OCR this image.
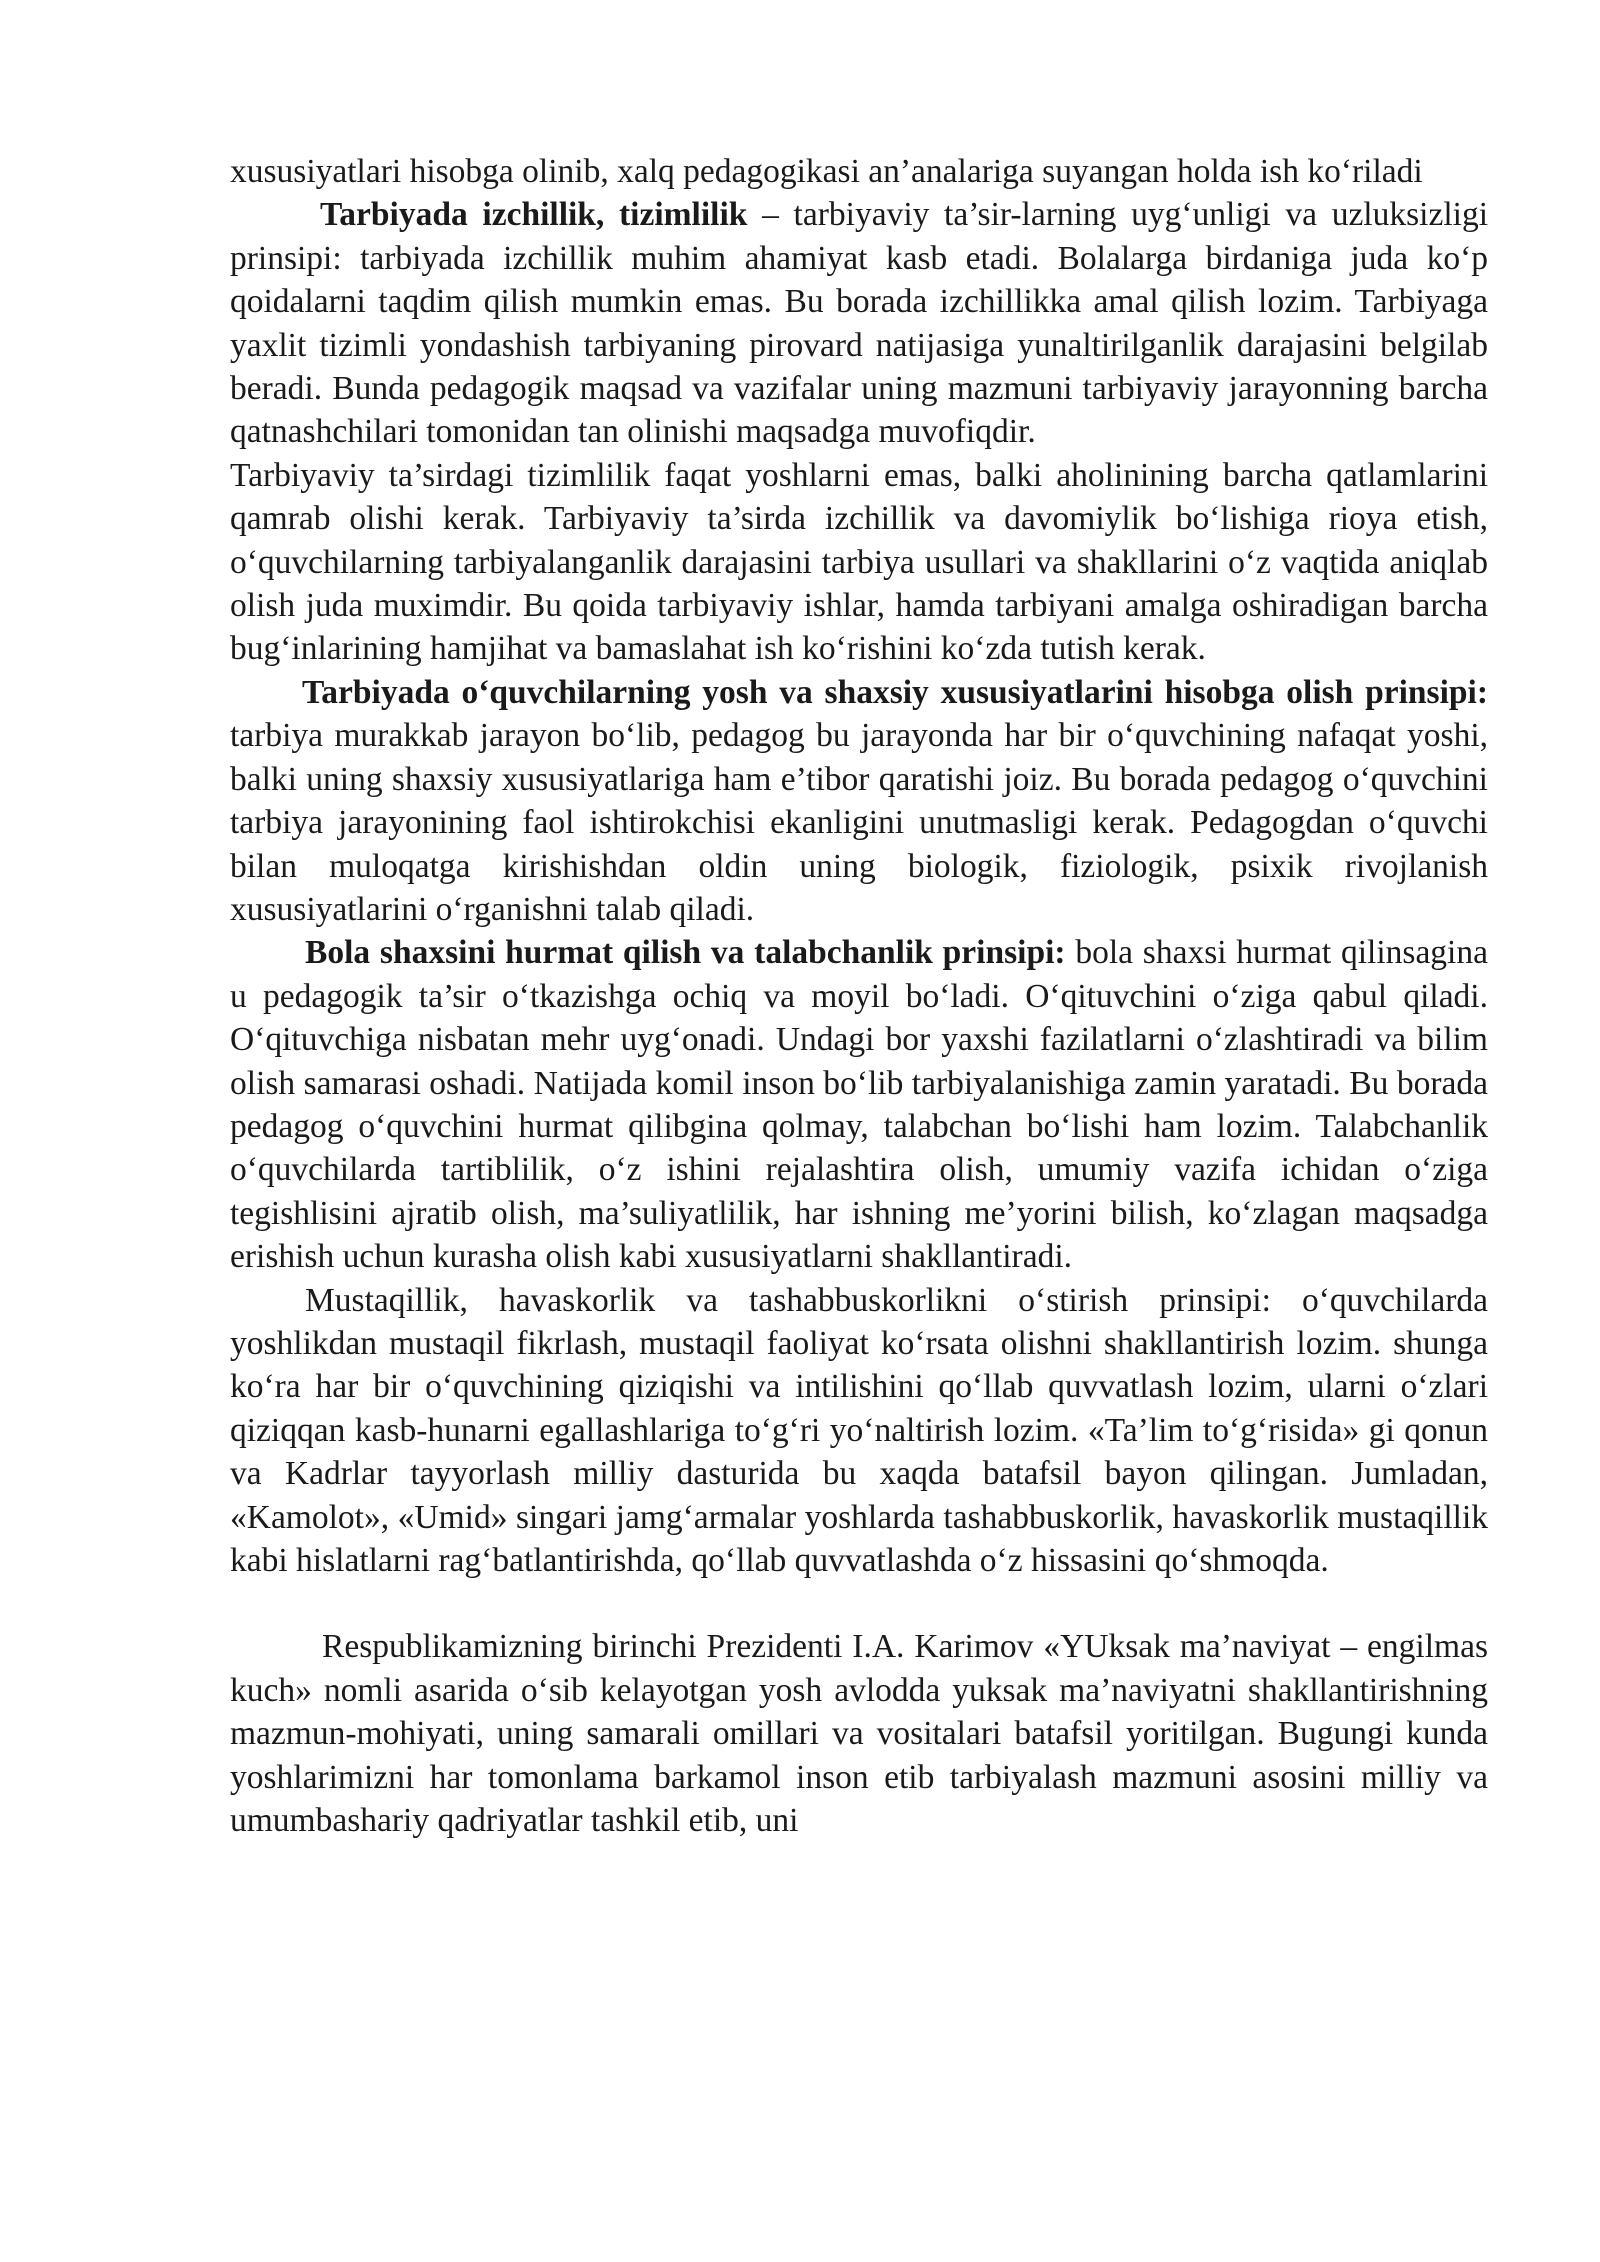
xususiyatlari hisobga olinib, xalq pedagogikasi an’analariga suyangan holda ish ko‘riladi

Tarbiyada izchillik, tizimlilik – tarbiyaviy ta’sir-larning uyg‘unligi va uzluksizligi prinsipi: tarbiyada izchillik muhim ahamiyat kasb etadi. Bolalarga birdaniga juda ko‘p qoidalarni taqdim qilish mumkin emas. Bu borada izchillikka amal qilish lozim. Tarbiyaga yaxlit tizimli yondashish tarbiyaning pirovard natijasiga yunaltirilganlik darajasini belgilab beradi. Bunda pedagogik maqsad va vazifalar uning mazmuni tarbiyaviy jarayonning barcha qatnashchilari tomonidan tan olinishi maqsadga muvofiqdir.

Tarbiyaviy ta’sirdagi tizimlilik faqat yoshlarni emas, balki aholinining barcha qatlamlarini qamrab olishi kerak. Tarbiyaviy ta’sirda izchillik va davomiylik bo‘lishiga rioya etish, o‘quvchilarning tarbiyalanganlik darajasini tarbiya usullari va shakllarini o‘z vaqtida aniqlab olish juda muximdir. Bu qoida tarbiyaviy ishlar, hamda tarbiyani amalga oshiradigan barcha bug‘inlarining hamjihat va bamaslahat ish ko‘rishini ko‘zda tutish kerak.

Tarbiyada o‘quvchilarning yosh va shaxsiy xususiyatlarini hisobga olish prinsipi: tarbiya murakkab jarayon bo‘lib, pedagog bu jarayonda har bir o‘quvchining nafaqat yoshi, balki uning shaxsiy xususiyatlariga ham e’tibor qaratishi joiz. Bu borada pedagog o‘quvchini tarbiya jarayonining faol ishtirokchisi ekanligini unutmasligi kerak. Pedagogdan o‘quvchi bilan muloqatga kirishishdan oldin uning biologik, fiziologik, psixik rivojlanish xususiyatlarini o‘rganishni talab qiladi.

Bola shaxsini hurmat qilish va talabchanlik prinsipi: bola shaxsi hurmat qilinsagina u pedagogik ta’sir o‘tkazishga ochiq va moyil bo‘ladi. O‘qituvchini o‘ziga qabul qiladi. O‘qituvchiga nisbatan mehr uyg‘onadi. Undagi bor yaxshi fazilatlarni o‘zlashtiradi va bilim olish samarasi oshadi. Natijada komil inson bo‘lib tarbiyalanishiga zamin yaratadi. Bu borada pedagog o‘quvchini hurmat qilibgina qolmay, talabchan bo‘lishi ham lozim. Talabchanlik o‘quvchilarda tartiblilik, o‘z ishini rejalashtira olish, umumiy vazifa ichidan o‘ziga tegishlisini ajratib olish, ma’suliyatlilik, har ishning me’yorini bilish, ko‘zlagan maqsadga erishish uchun kurasha olish kabi xususiyatlarni shakllantiradi.

Mustaqillik, havaskorlik va tashabbuskorlikni o‘stirish prinsipi: o‘quvchilarda yoshlikdan mustaqil fikrlash, mustaqil faoliyat ko‘rsata olishni shakllantirish lozim. shunga ko‘ra har bir o‘quvchining qiziqishi va intilishini qo‘llab quvvatlash lozim, ularni o‘zlari qiziqqan kasb-hunarni egallashlariga to‘g‘ri yo‘naltirish lozim. «Ta’lim to‘g‘risida» gi qonun va Kadrlar tayyorlash milliy dasturida bu xaqda batafsil bayon qilingan. Jumladan, «Kamolot», «Umid» singari jamg‘armalar yoshlarda tashabbuskorlik, havaskorlik mustaqillik kabi hislatlarni rag‘batlantirishda, qo‘llab quvvatlashda o‘z hissasini qo‘shmoqda.

Respublikamizning birinchi Prezidenti I.A. Karimov «YUksak ma’naviyat – engilmas kuch» nomli asarida o‘sib kelayotgan yosh avlodda yuksak ma’naviyatni shakllantirishning mazmun-mohiyati, uning samarali omillari va vositalari batafsil yoritilgan. Bugungi kunda yoshlarimizni har tomonlama barkamol inson etib tarbiyalash mazmuni asosini milliy va umumbashariy qadriyatlar tashkil etib, uni
